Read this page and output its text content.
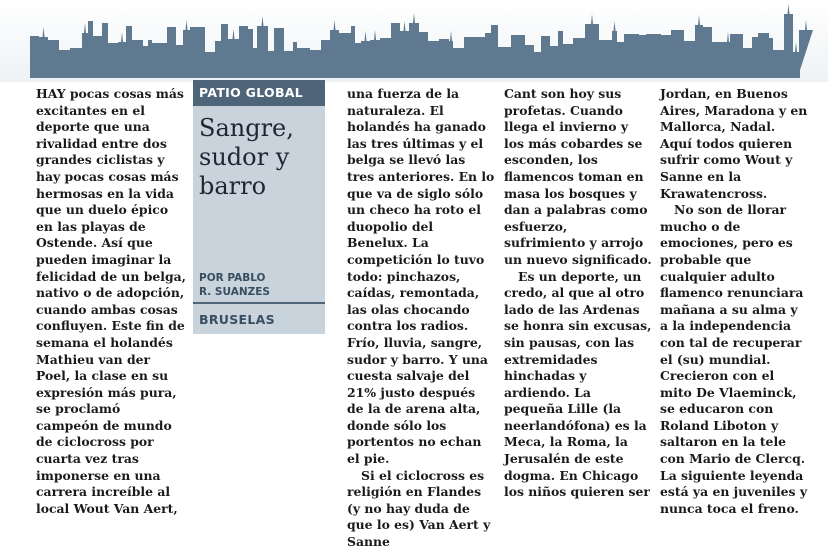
HAY pocas cosas más excitantes en el deporte que una rivalidad entre dos grandes ciclistas y hay pocas cosas más hermosas en la vida que un duelo épico en las playas de Ostende. Así que pueden imaginar la felicidad de un belga, nativo o de adopción, cuando ambas cosas confluyen. Este fin de semana el holandés Mathieu van der Poel, la clase en su expresión más pura, se proclamó campeón de mundo de ciclocross por cuarta vez tras imponerse en una carrera increíble al local Wout Van Aert,

PATIO GLOBAL
Sangre, sudor y barro
POR PABLO
R. SUANZES
BRUSELAS

una fuerza de la naturaleza. El holandés ha ganado las tres últimas y el belga se llevó las tres anteriores. En lo que va de siglo sólo un checo ha roto el duopolio del Benelux. La competición lo tuvo todo: pinchazos, caídas, remontada, las olas chocando contra los radios. Frío, lluvia, sangre, sudor y barro. Y una cuesta salvaje del 21% justo después de la de arena alta, donde sólo los portentos no echan el pie.

Si el ciclocross es religión en Flandes (y no hay duda de que lo es) Van Aert y Sanne

Cant son hoy sus profetas. Cuando llega el invierno y los más cobardes se esconden, los flamencos toman en masa los bosques y dan a palabras como esfuerzo, sufrimiento y arrojo un nuevo significado.

Es un deporte, un credo, al que al otro lado de las Ardenas se honra sin excusas, sin pausas, con las extremidades hinchadas y ardiendo. La pequeña Lille (la neerlandófona) es la Meca, la Roma, la Jerusalén de este dogma. En Chicago los niños quieren ser

Jordan, en Buenos Aires, Maradona y en Mallorca, Nadal. Aquí todos quieren sufrir como Wout y Sanne en la Krawatencross.

No son de llorar mucho o de emociones, pero es probable que cualquier adulto flamenco renunciara mañana a su alma y a la independencia con tal de recuperar el (su) mundial. Crecieron con el mito De Vlaeminck, se educaron con Roland Liboton y saltaron en la tele con Mario de Clercq. La siguiente leyenda está ya en juveniles y nunca toca el freno.
